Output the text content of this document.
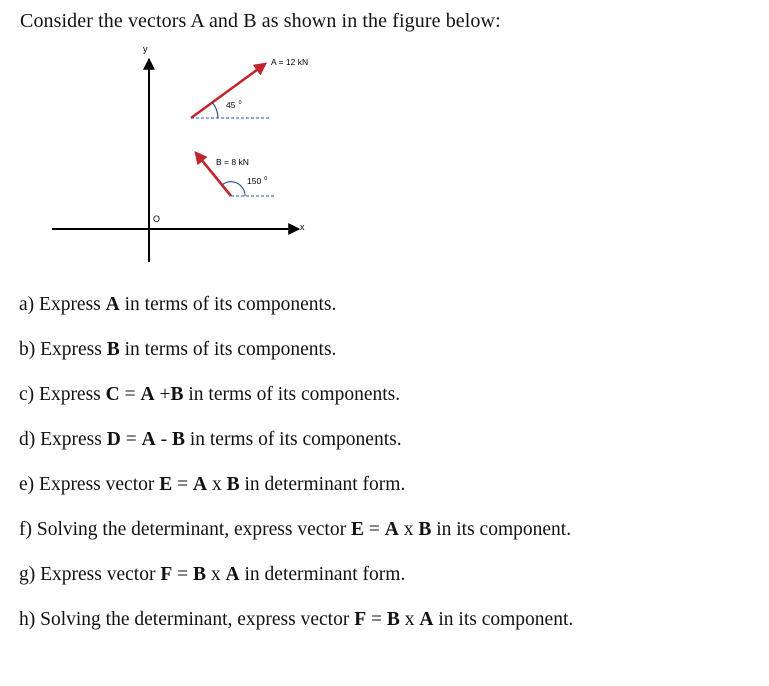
Consider the vectors A and B as shown in the figure below:
y
x
O
45 $^0$
A = 12 kN
B = 8 kN
150 $^0$
a) Express A in terms of its components.
b) Express B in terms of its components.
c) Express C = A +B in terms of its components.
d) Express D = A - B in terms of its components.
e) Express vector E = A x B in determinant form.
f) Solving the determinant, express vector E = A x B in its component.
g) Express vector F = B x A in determinant form.
h) Solving the determinant, express vector F = B x A in its component.
